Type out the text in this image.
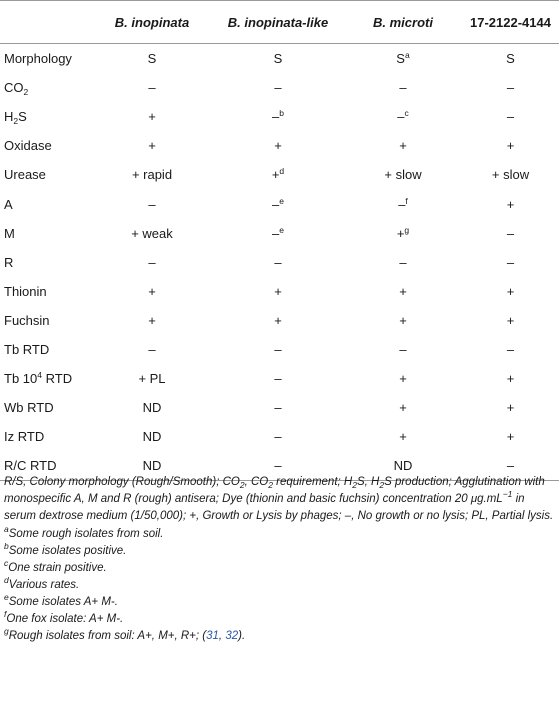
	B. inopinata	B. inopinata-like	B. microti	17-2122-4144
Morphology	S	S	$S^a$	S
$CO_2$	–	–	–	–
$H_2S$	+	–$^b$	–$^c$	–
Oxidase	+	+	+	+
Urease	+ rapid	+$^d$	+ slow	+ slow
A	–	–$^e$	–$^f$	+
M	+ weak	–$^e$	+$^g$	–
R	–	–	–	–
Thionin	+	+	+	+
Fuchsin	+	+	+	+
Tb RTD	–	–	–	–
Tb $10^4$ RTD	+ PL	–	+	+
Wb RTD	ND	–	+	+
Iz RTD	ND	–	+	+
R/C RTD	ND	–	ND	–

R/S, Colony morphology (Rough/Smooth); $CO_2$, $CO_2$ requirement; $H_2S$, $H_2S$ production; Agglutination with monospecific A, M and R (rough) antisera; Dye (thionin and basic fuchsin) concentration 20 $\mu g.mL^{-1}$ in serum dextrose medium (1/50,000); +, Growth or Lysis by phages; –, No growth or no lysis; PL, Partial lysis.

$^a$Some rough isolates from soil.

$^b$Some isolates positive.

$^c$One strain positive.

$^d$Various rates.

$^e$Some isolates A+ M-.

$^f$One fox isolate: A+ M-.

$^g$Rough isolates from soil: A+, M+, R+; (31, 32).
